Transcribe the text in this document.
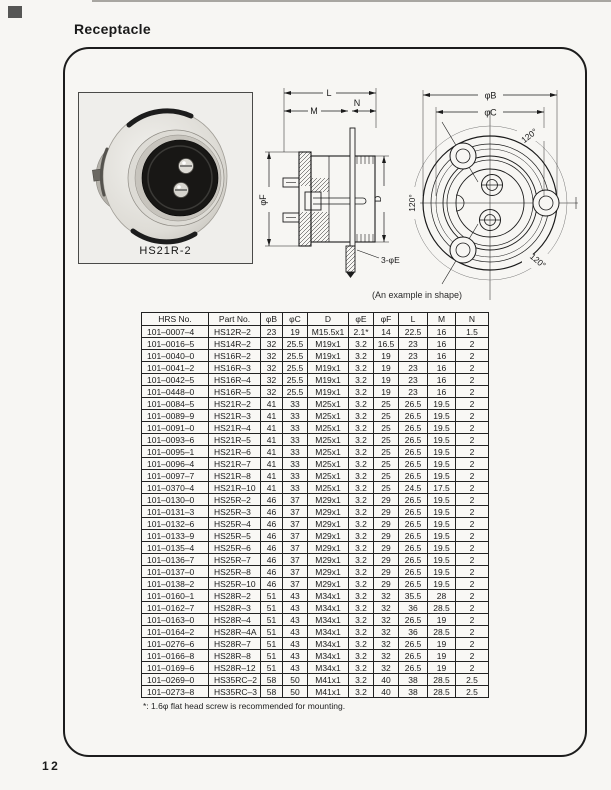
Receptacle
HS21R-2
L
M
N
φF	D
3-φE
φB
φC
120°
120°
120°
(An example in shape)
HRS No.	Part No.	φB	φC	D	φE	φF	L	M	N
101–0007–4	HS12R–2	23	19	M15.5x1	2.1*	14	22.5	16	1.5
101–0016–5	HS14R–2	32	25.5	M19x1	3.2	16.5	23	16	2
101–0040–0	HS16R–2	32	25.5	M19x1	3.2	19	23	16	2
101–0041–2	HS16R–3	32	25.5	M19x1	3.2	19	23	16	2
101–0042–5	HS16R–4	32	25.5	M19x1	3.2	19	23	16	2
101–0448–0	HS16R–5	32	25.5	M19x1	3.2	19	23	16	2
101–0084–5	HS21R–2	41	33	M25x1	3.2	25	26.5	19.5	2
101–0089–9	HS21R–3	41	33	M25x1	3.2	25	26.5	19.5	2
101–0091–0	HS21R–4	41	33	M25x1	3.2	25	26.5	19.5	2
101–0093–6	HS21R–5	41	33	M25x1	3.2	25	26.5	19.5	2
101–0095–1	HS21R–6	41	33	M25x1	3.2	25	26.5	19.5	2
101–0096–4	HS21R–7	41	33	M25x1	3.2	25	26.5	19.5	2
101–0097–7	HS21R–8	41	33	M25x1	3.2	25	26.5	19.5	2
101–0370–4	HS21R–10	41	33	M25x1	3.2	25	24.5	17.5	2
101–0130–0	HS25R–2	46	37	M29x1	3.2	29	26.5	19.5	2
101–0131–3	HS25R–3	46	37	M29x1	3.2	29	26.5	19.5	2
101–0132–6	HS25R–4	46	37	M29x1	3.2	29	26.5	19.5	2
101–0133–9	HS25R–5	46	37	M29x1	3.2	29	26.5	19.5	2
101–0135–4	HS25R–6	46	37	M29x1	3.2	29	26.5	19.5	2
101–0136–7	HS25R–7	46	37	M29x1	3.2	29	26.5	19.5	2
101–0137–0	HS25R–8	46	37	M29x1	3.2	29	26.5	19.5	2
101–0138–2	HS25R–10	46	37	M29x1	3.2	29	26.5	19.5	2
101–0160–1	HS28R–2	51	43	M34x1	3.2	32	35.5	28	2
101–0162–7	HS28R–3	51	43	M34x1	3.2	32	36	28.5	2
101–0163–0	HS28R–4	51	43	M34x1	3.2	32	26.5	19	2
101–0164–2	HS28R–4A	51	43	M34x1	3.2	32	36	28.5	2
101–0276–6	HS28R–7	51	43	M34x1	3.2	32	26.5	19	2
101–0166–8	HS28R–8	51	43	M34x1	3.2	32	26.5	19	2
101–0169–6	HS28R–12	51	43	M34x1	3.2	32	26.5	19	2
101–0269–0	HS35RC–2	58	50	M41x1	3.2	40	38	28.5	2.5
101–0273–8	HS35RC–3	58	50	M41x1	3.2	40	38	28.5	2.5
*: 1.6φ flat head screw is recommended for mounting.
12
